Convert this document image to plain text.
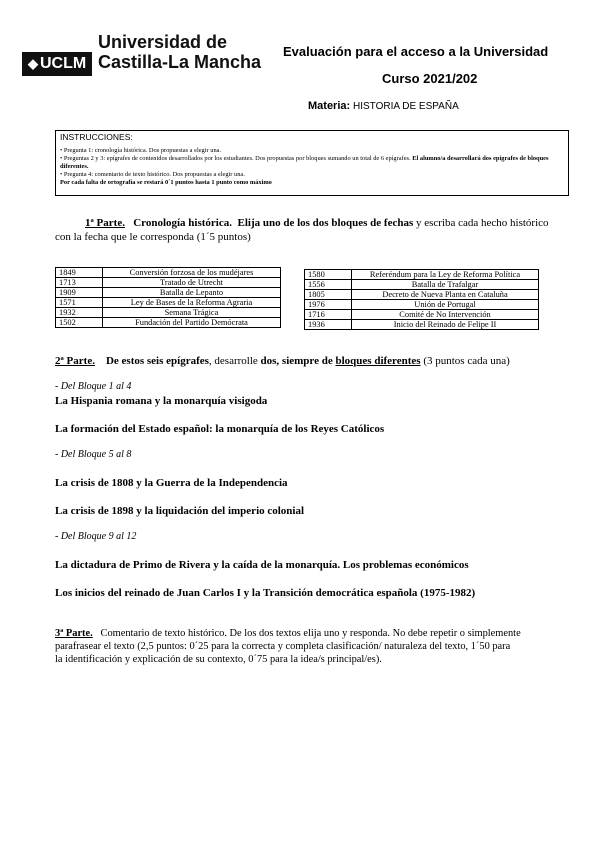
◆ UCLM
Universidad de
Castilla-La Mancha
Evaluación para el acceso a la Universidad
Curso 2021/202
Materia: HISTORIA DE ESPAÑA
INSTRUCCIONES:

• Pregunta 1: cronología histórica. Dos propuestas a elegir una.

• Preguntas 2 y 3: epígrafes de contenidos desarrollados por los estudiantes. Dos propuestas por bloques sumando un total de 6 epígrafes. El alumno/a desarrollará dos epígrafes de bloques diferentes.

• Pregunta 4: comentario de texto histórico. Dos propuestas a elegir una.

Por cada falta de ortografía se restará 0´1 puntos hasta 1 punto como máximo

1ª Parte. Cronología histórica. Elija uno de los dos bloques de fechas y escriba cada hecho histórico
con la fecha que le corresponda (1´5 puntos)
1849	Conversión forzosa de los mudéjares
1713	Tratado de Utrecht
1909	Batalla de Lepanto
1571	Ley de Bases de la Reforma Agraria
1932	Semana Trágica
1502	Fundación del Partido Demócrata
1580	Referéndum para la Ley de Reforma Política
1556	Batalla de Trafalgar
1805	Decreto de Nueva Planta en Cataluña
1976	Unión de Portugal
1716	Comité de No Intervención
1936	Inicio del Reinado de Felipe II
2ª Parte. De estos seis epígrafes, desarrolle dos, siempre de bloques diferentes (3 puntos cada una)
- Del Bloque 1 al 4
La Hispania romana y la monarquía visigoda
La formación del Estado español: la monarquía de los Reyes Católicos
- Del Bloque 5 al 8
La crisis de 1808 y la Guerra de la Independencia
La crisis de 1898 y la liquidación del imperio colonial
- Del Bloque 9 al 12
La dictadura de Primo de Rivera y la caída de la monarquía. Los problemas económicos
Los inicios del reinado de Juan Carlos I y la Transición democrática española (1975-1982)
3ª Parte. Comentario de texto histórico. De los dos textos elija uno y responda. No debe repetir o simplemente
parafrasear el texto (2,5 puntos: 0´25 para la correcta y completa clasificación/ naturaleza del texto, 1´50 para
la identificación y explicación de su contexto, 0´75 para la idea/s principal/es).
